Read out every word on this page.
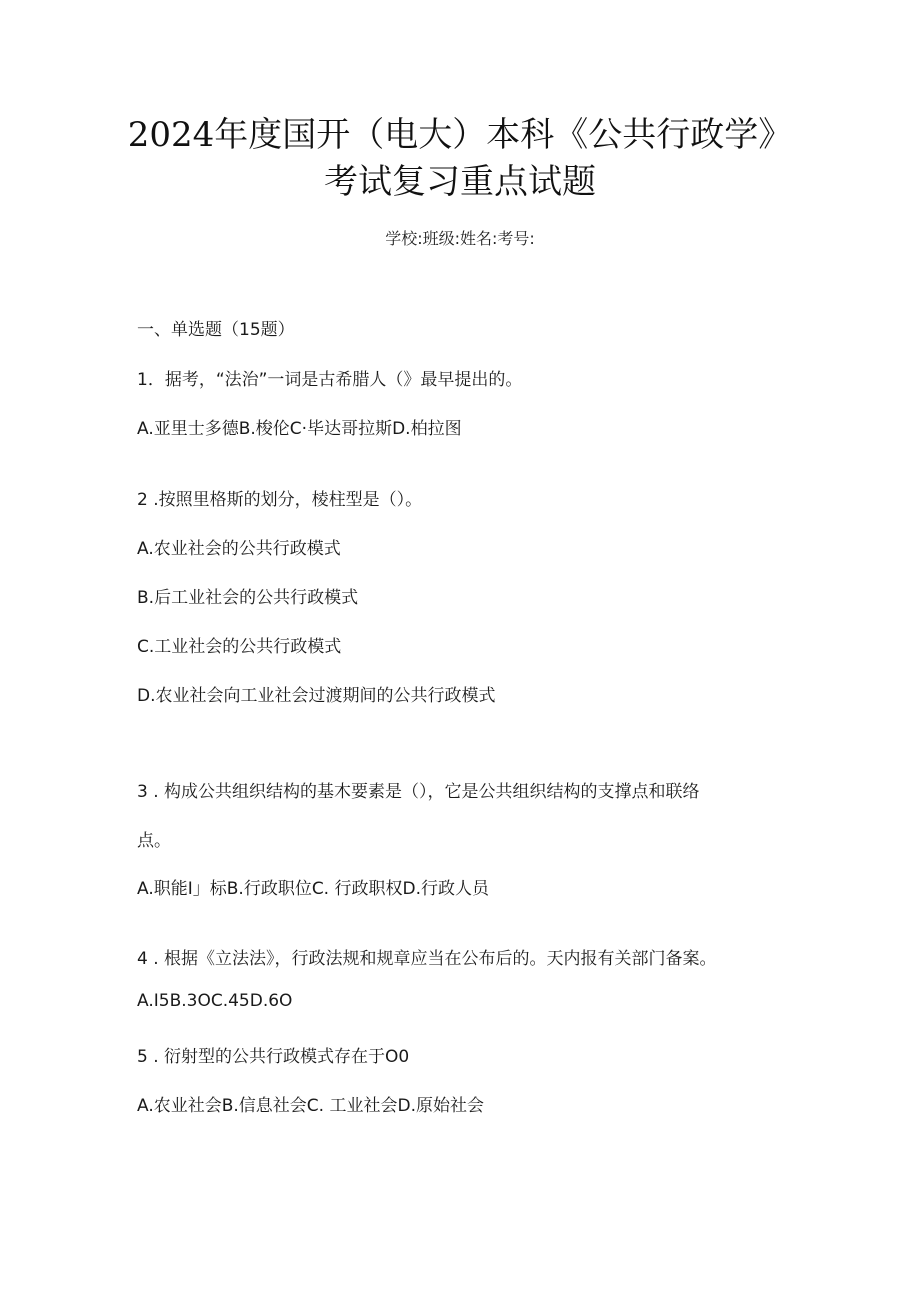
2024年度国开（电大）本科《公共行政学》
考试复习重点试题
学校:班级:姓名:考号:
一、单选题（15题）
1．据考，“法治”一词是古希腊人（》最早提出的。
A.亚里士多德B.梭伦C·毕达哥拉斯D.柏拉图
2 .按照里格斯的划分，棱柱型是（）。
A.农业社会的公共行政模式
B.后工业社会的公共行政模式
C.工业社会的公共行政模式
D.农业社会向工业社会过渡期间的公共行政模式
3 . 构成公共组织结构的基木要素是（），它是公共组织结构的支撑点和联络
点。
A.职能I」标B.行政职位C. 行政职权D.行政人员
4 . 根据《立法法》，行政法规和规章应当在公布后的。天内报有关部门备案。
A.I5B.3OC.45D.6O
5 . 衍射型的公共行政模式存在于O0
A.农业社会B.信息社会C. 工业社会D.原始社会
